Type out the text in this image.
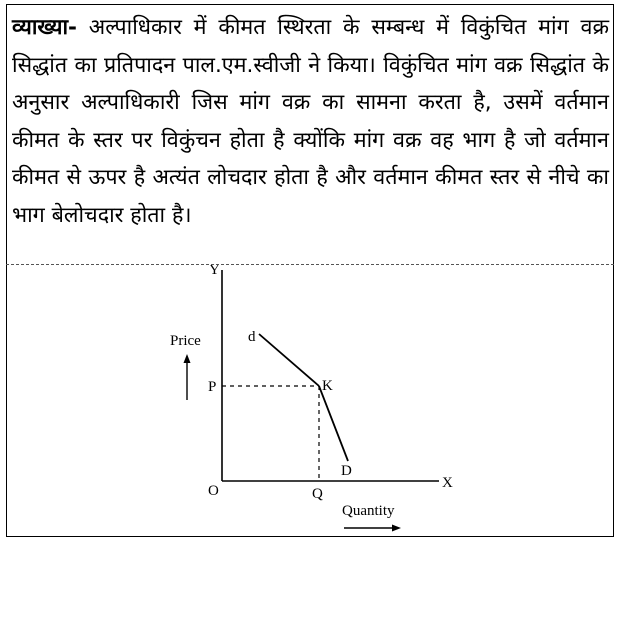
व्याख्या- अल्पाधिकार में कीमत स्थिरता के सम्बन्ध में विकुंचित मांग वक्र सिद्धांत का प्रतिपादन पाल.एम.स्वीजी ने किया। विकुंचित मांग वक्र सिद्धांत के अनुसार अल्पाधिकारी जिस मांग वक्र का सामना करता है, उसमें वर्तमान कीमत के स्तर पर विकुंचन होता है क्योंकि मांग वक्र वह भाग है जो वर्तमान कीमत से ऊपर है अत्यंत लोचदार होता है और वर्तमान कीमत स्तर से नीचे का भाग बेलोचदार होता है।
Y
X
O
Price
Quantity
P
Q
K
d
D
